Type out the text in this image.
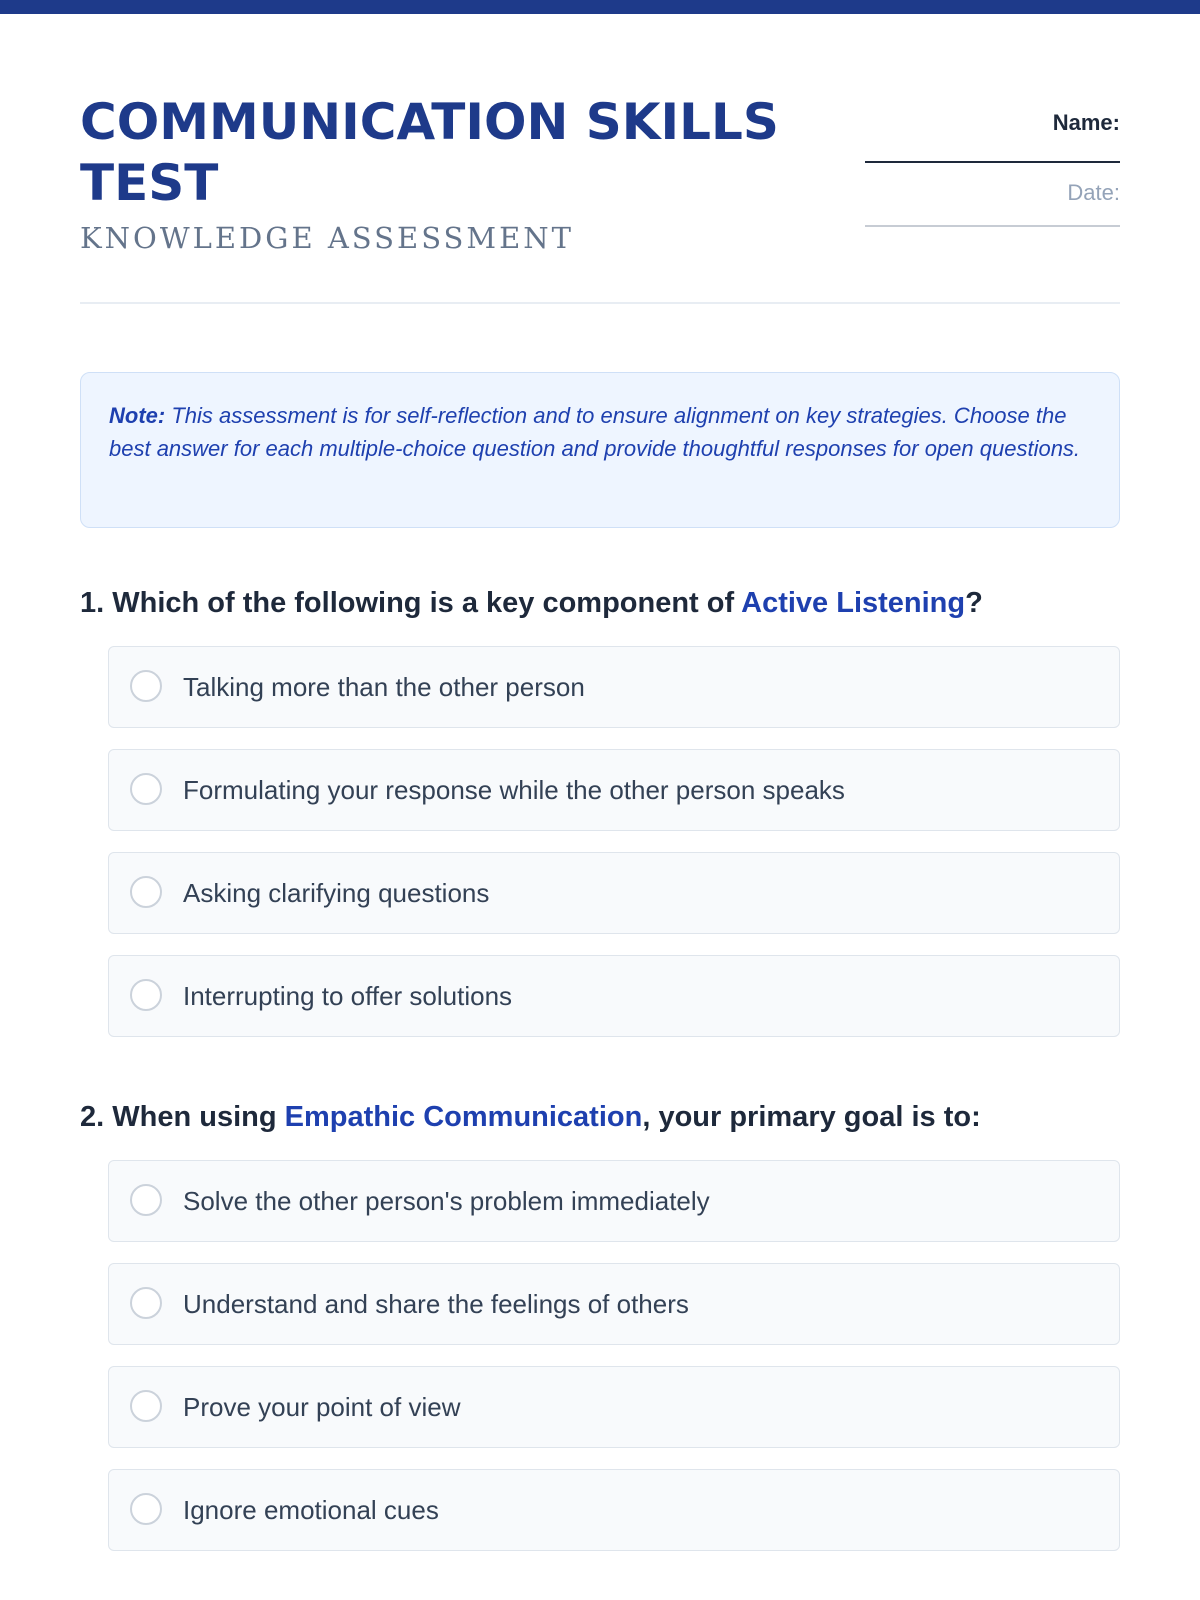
COMMUNICATION SKILLS TEST

KNOWLEDGE ASSESSMENT

Name:
Date:
Note: This assessment is for self-reflection and to ensure alignment on key strategies. Choose the best answer for each multiple-choice question and provide thoughtful responses for open questions.

1. Which of the following is a key component of Active Listening?

Talking more than the other person
Formulating your response while the other person speaks
Asking clarifying questions
Interrupting to offer solutions

2. When using Empathic Communication, your primary goal is to:

Solve the other person's problem immediately
Understand and share the feelings of others
Prove your point of view
Ignore emotional cues
